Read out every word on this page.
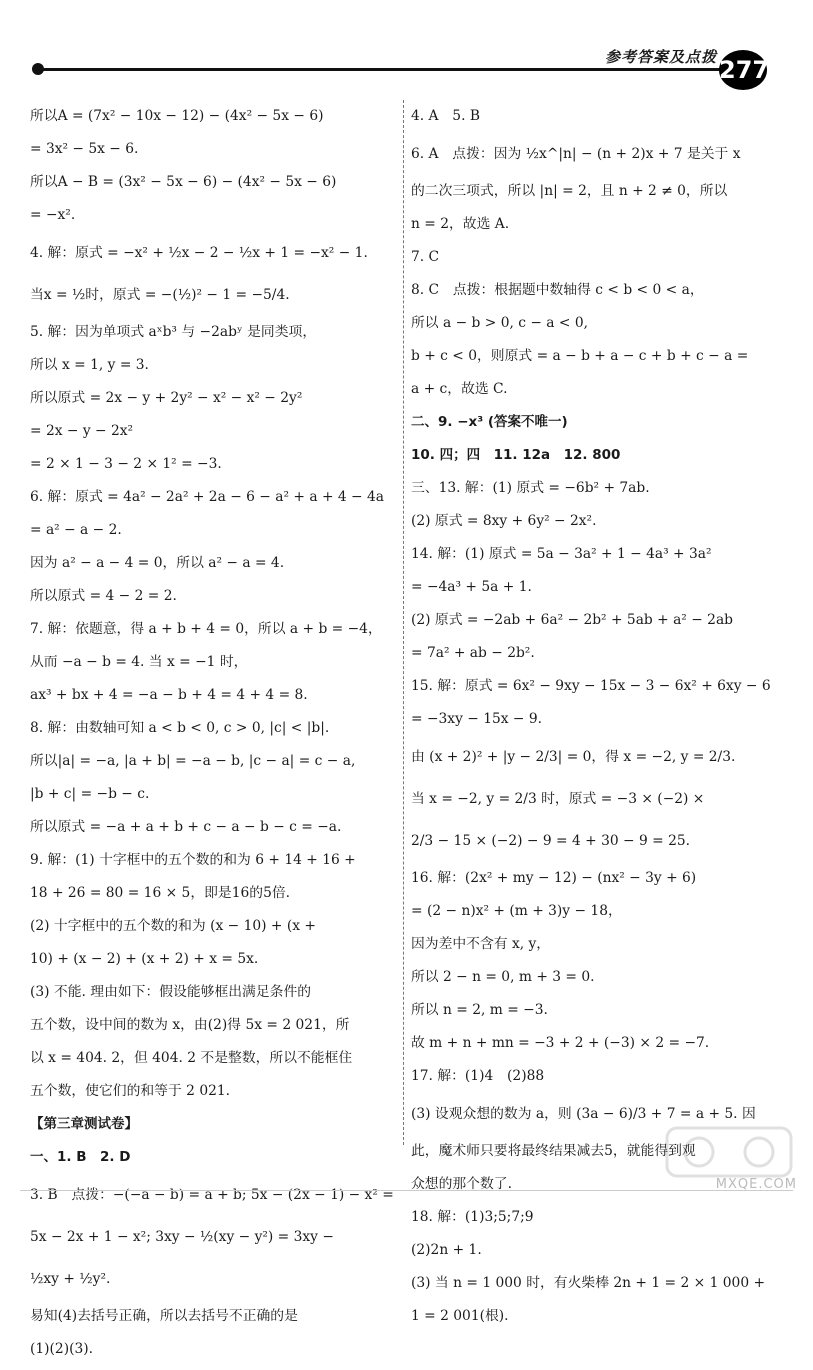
参考答案及点拨 277
所以A = (7x² − 10x − 12) − (4x² − 5x − 6)
= 3x² − 5x − 6.
所以A − B = (3x² − 5x − 6) − (4x² − 5x − 6)
= −x².
4. 解：原式 = −x² + ½x − 2 − ½x + 1 = −x² − 1.
当x = ½时，原式 = −(½)² − 1 = −5/4.
5. 解：因为单项式 aˣb³ 与 −2abʸ 是同类项，
所以 x = 1, y = 3.
所以原式 = 2x − y + 2y² − x² − x² − 2y²
= 2x − y − 2x²
= 2 × 1 − 3 − 2 × 1² = −3.
6. 解：原式 = 4a² − 2a² + 2a − 6 − a² + a + 4 − 4a
= a² − a − 2.
因为 a² − a − 4 = 0，所以 a² − a = 4.
所以原式 = 4 − 2 = 2.
7. 解：依题意，得 a + b + 4 = 0，所以 a + b = −4，
从而 −a − b = 4. 当 x = −1 时，
ax³ + bx + 4 = −a − b + 4 = 4 + 4 = 8.
8. 解：由数轴可知 a < b < 0, c > 0, |c| < |b|.
所以|a| = −a, |a + b| = −a − b, |c − a| = c − a,
|b + c| = −b − c.
所以原式 = −a + a + b + c − a − b − c = −a.
9. 解：(1) 十字框中的五个数的和为 6 + 14 + 16 +
18 + 26 = 80 = 16 × 5，即是16的5倍.
(2) 十字框中的五个数的和为 (x − 10) + (x +
10) + (x − 2) + (x + 2) + x = 5x.
(3) 不能. 理由如下：假设能够框出满足条件的
五个数，设中间的数为 x，由(2)得 5x = 2 021，所
以 x = 404. 2，但 404. 2 不是整数，所以不能框住
五个数，使它们的和等于 2 021.
【第三章测试卷】
一、1. B　2. D
3. B　点拨：−(−a − b) = a + b; 5x − (2x − 1) − x² =
5x − 2x + 1 − x²; 3xy − ½(xy − y²) = 3xy −
½xy + ½y².
易知(4)去括号正确，所以去括号不正确的是
(1)(2)(3).
4. A　5. B
6. A　点拨：因为 ½x^|n| − (n + 2)x + 7 是关于 x
的二次三项式，所以 |n| = 2，且 n + 2 ≠ 0，所以
n = 2，故选 A.
7. C
8. C　点拨：根据题中数轴得 c < b < 0 < a，
所以 a − b > 0, c − a < 0,
b + c < 0，则原式 = a − b + a − c + b + c − a =
a + c，故选 C.
二、9. −x³ (答案不唯一)
10. 四；四　11. 12a　12. 800
三、13. 解：(1) 原式 = −6b² + 7ab.
(2) 原式 = 8xy + 6y² − 2x².
14. 解：(1) 原式 = 5a − 3a² + 1 − 4a³ + 3a²
= −4a³ + 5a + 1.
(2) 原式 = −2ab + 6a² − 2b² + 5ab + a² − 2ab
= 7a² + ab − 2b².
15. 解：原式 = 6x² − 9xy − 15x − 3 − 6x² + 6xy − 6
= −3xy − 15x − 9.
由 (x + 2)² + |y − 2/3| = 0，得 x = −2, y = 2/3.
当 x = −2, y = 2/3 时，原式 = −3 × (−2) ×
2/3 − 15 × (−2) − 9 = 4 + 30 − 9 = 25.
16. 解：(2x² + my − 12) − (nx² − 3y + 6)
= (2 − n)x² + (m + 3)y − 18，
因为差中不含有 x, y，
所以 2 − n = 0, m + 3 = 0.
所以 n = 2, m = −3.
故 m + n + mn = −3 + 2 + (−3) × 2 = −7.
17. 解：(1)4　(2)88
(3) 设观众想的数为 a，则 (3a − 6)/3 + 7 = a + 5. 因
此，魔术师只要将最终结果减去5，就能得到观
众想的那个数了.
18. 解：(1)3;5;7;9
(2)2n + 1.
(3) 当 n = 1 000 时，有火柴棒 2n + 1 = 2 × 1 000 +
1 = 2 001(根).
MXQE.COM
